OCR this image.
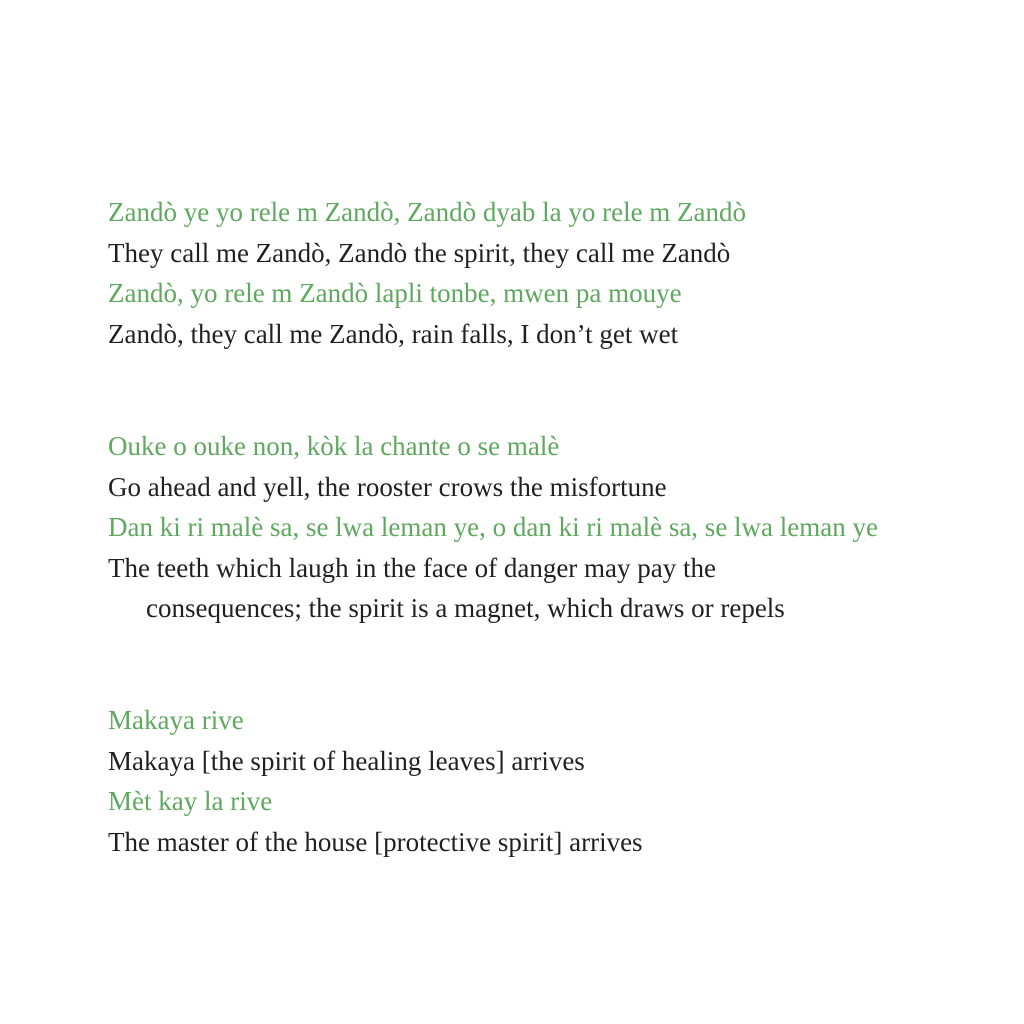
Zandò ye yo rele m Zandò, Zandò dyab la yo rele m Zandò
They call me Zandò, Zandò the spirit, they call me Zandò
Zandò, yo rele m Zandò lapli tonbe, mwen pa mouye
Zandò, they call me Zandò, rain falls, I don’t get wet
Ouke o ouke non, kòk la chante o se malè
Go ahead and yell, the rooster crows the misfortune
Dan ki ri malè sa, se lwa leman ye, o dan ki ri malè sa, se lwa leman ye
The teeth which laugh in the face of danger may pay the
consequences; the spirit is a magnet, which draws or repels
Makaya rive
Makaya [the spirit of healing leaves] arrives
Mèt kay la rive
The master of the house [protective spirit] arrives
